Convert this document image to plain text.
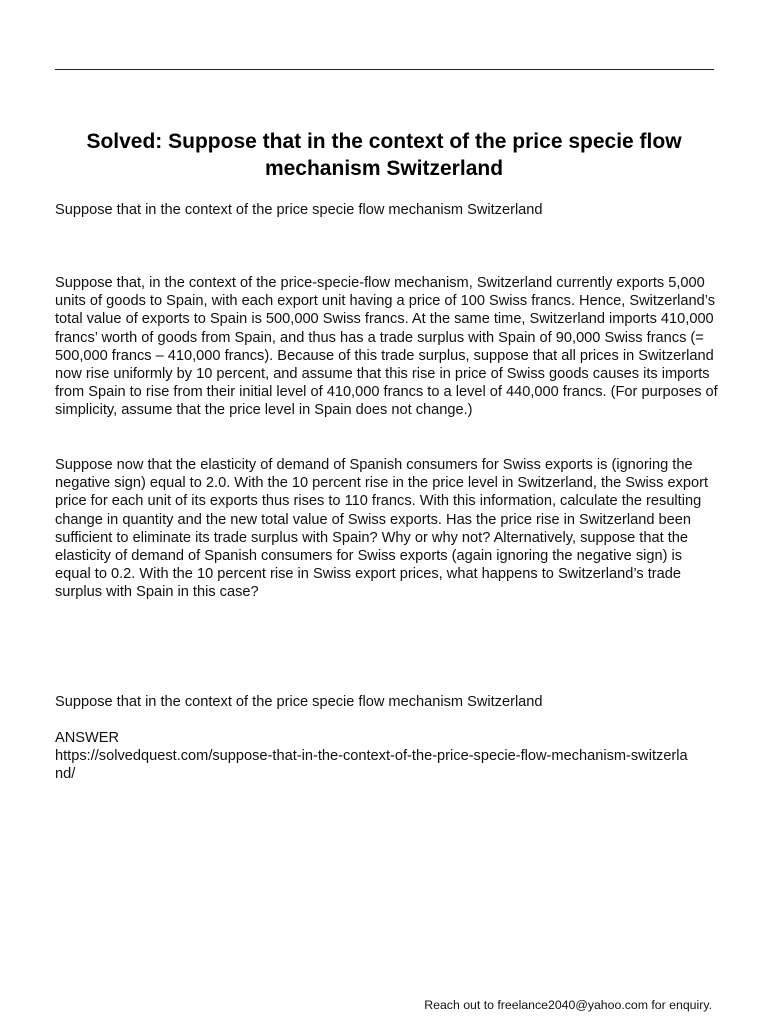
Solved: Suppose that in the context of the price specie flow mechanism Switzerland

Suppose that in the context of the price specie flow mechanism Switzerland

Suppose that, in the context of the price-specie-flow mechanism, Switzerland currently exports 5,000 units of goods to Spain, with each export unit having a price of 100 Swiss francs. Hence, Switzerland’s total value of exports to Spain is 500,000 Swiss francs. At the same time, Switzerland imports 410,000 francs’ worth of goods from Spain, and thus has a trade surplus with Spain of 90,000 Swiss francs (= 500,000 francs – 410,000 francs). Because of this trade surplus, suppose that all prices in Switzerland now rise uniformly by 10 percent, and assume that this rise in price of Swiss goods causes its imports from Spain to rise from their initial level of 410,000 francs to a level of 440,000 francs. (For purposes of simplicity, assume that the price level in Spain does not change.)

Suppose now that the elasticity of demand of Spanish consumers for Swiss exports is (ignoring the negative sign) equal to 2.0. With the 10 percent rise in the price level in Switzerland, the Swiss export price for each unit of its exports thus rises to 110 francs. With this information, calculate the resulting change in quantity and the new total value of Swiss exports. Has the price rise in Switzerland been sufficient to eliminate its trade surplus with Spain? Why or why not? Alternatively, suppose that the elasticity of demand of Spanish consumers for Swiss exports (again ignoring the negative sign) is equal to 0.2. With the 10 percent rise in Swiss export prices, what happens to Switzerland’s trade surplus with Spain in this case?

Suppose that in the context of the price specie flow mechanism Switzerland

ANSWER

https://solvedquest.com/suppose-that-in-the-context-of-the-price-specie-flow-mechanism-switzerland/

Reach out to freelance2040@yahoo.com for enquiry.
